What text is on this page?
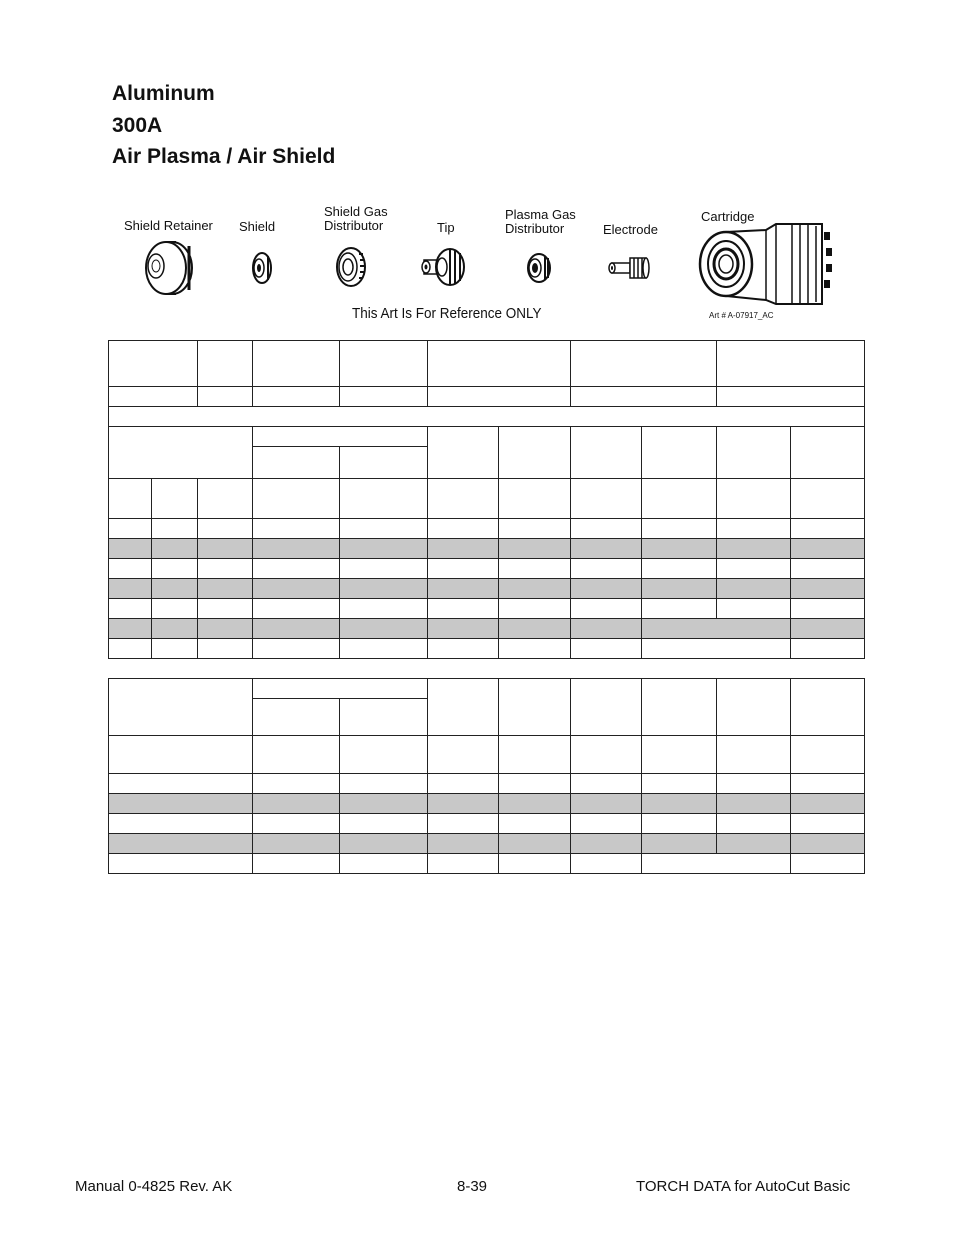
Aluminum
300A
Air Plasma / Air Shield
Shield Retainer Shield
Shield Gas
Distributor	Tip
Plasma Gas
Distributor	Electrode
Cartridge
This Art Is For Reference ONLY	Art # A-07917_AC

Manual 0-4825 Rev. AK	8-39	TORCH DATA for AutoCut Basic
